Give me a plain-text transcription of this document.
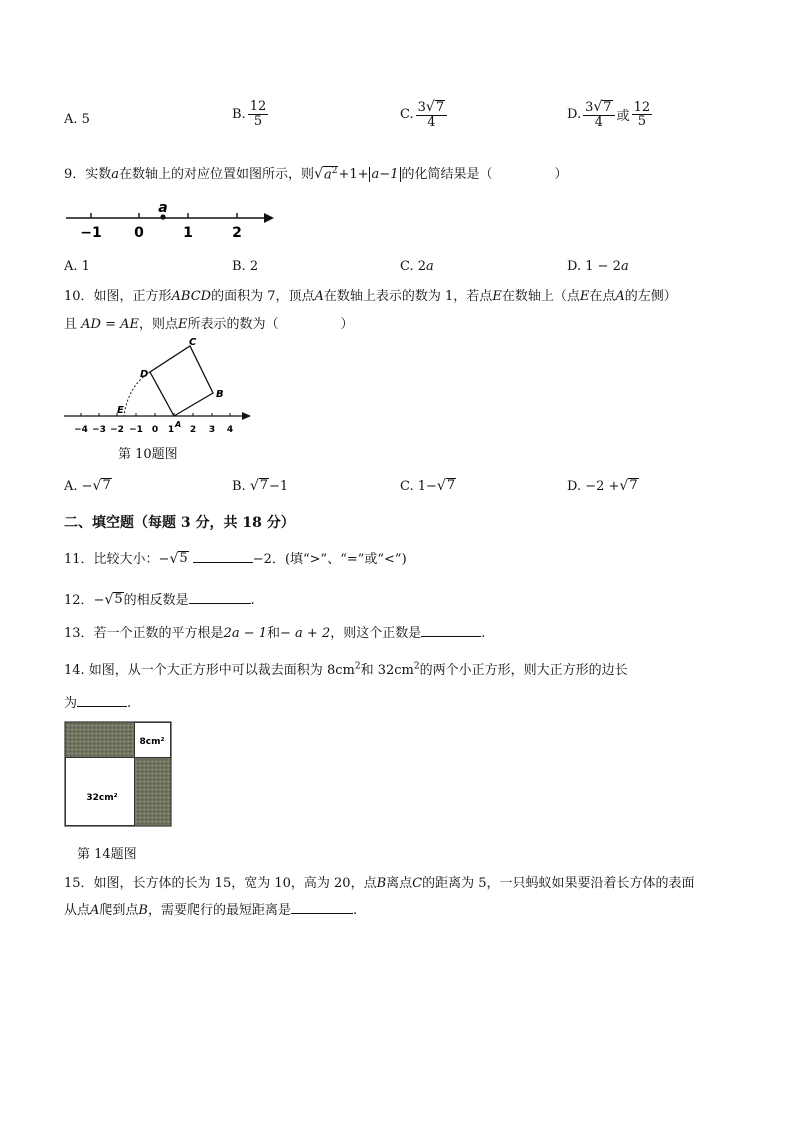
A. 5	B. $\frac{12}{5}$	C. $\frac{3 √ 7}{4}$	D. $\frac{3 √ 7}{4}$ 或 $\frac{12}{5}$
9．实数a在数轴上的对应位置如图所示，则 √ $a^2 +1+ a-1$ 的化简结果是（	）
a
−1 0	1	2
A. 1	B. 2	C. 2 a	D. 1 − 2 a
10．如图，正方形ABCD的面积为 7，顶点A在数轴上表示的数为 1，若点E在数轴上（点E在点A的左侧）
且 AD = AE，则点E所表示的数为（	）
C
D
B
E
A
−4 −3 −2 −1 0 1 2 3 4
第 10题图
A. − √ 7	B.
√ 7 −1	C. 1− √ 7	D. −2 + √ 7
二、填空题（每题 3 分，共 18 分）
11．比较大小：− √ 5	−2．(填“>”、“=”或“<”)
12．− √ 5 的相反数是	.
13．若一个正数的平方根是2a − 1和− a + 2，则这个正数是	.
14. 如图，从一个大正方形中可以裁去面积为 $8cm^2$和 $32cm^2$的两个小正方形，则大正方形的边长
为	.
8cm²
32cm²
第 14题图
15．如图，长方体的长为 15，宽为 10，高为 20，点B离点C的距离为 5，一只蚂蚁如果要沿着长方体的表面
从点A爬到点B，需要爬行的最短距离是	.
